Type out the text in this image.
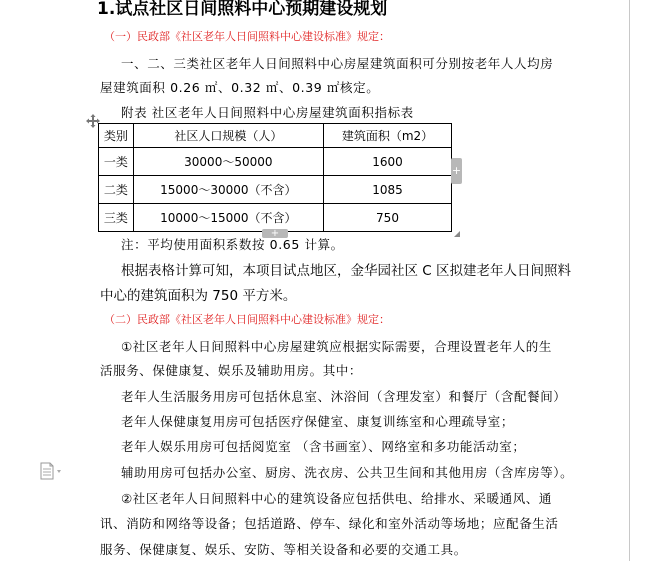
1.试点社区日间照料中心预期建设规划
（一）民政部《社区老年人日间照料中心建设标准》规定：
一、二、三类社区老年人日间照料中心房屋建筑面积可分别按老年人人均房
屋建筑面积 0.26 ㎡、0.32 ㎡、0.39 ㎡核定。
附表 社区老年人日间照料中心房屋建筑面积指标表
类别	社区人口规模（人）	建筑面积（m2）
一类	30000～50000	1600
二类	15000～30000（不含）	1085
三类	10000～15000（不含）	750
+
+
注：平均使用面积系数按 0.65 计算。
根据表格计算可知，本项目试点地区，金华园社区 C 区拟建老年人日间照料
中心的建筑面积为 750 平方米。
（二）民政部《社区老年人日间照料中心建设标准》规定：
①社区老年人日间照料中心房屋建筑应根据实际需要，合理设置老年人的生
活服务、保健康复、娱乐及辅助用房。其中：
老年人生活服务用房可包括休息室、沐浴间（含理发室）和餐厅（含配餐间）
老年人保健康复用房可包括医疗保健室、康复训练室和心理疏导室；
老年人娱乐用房可包括阅览室 （含书画室）、网络室和多功能活动室；
辅助用房可包括办公室、厨房、洗衣房、公共卫生间和其他用房（含库房等）。
②社区老年人日间照料中心的建筑设备应包括供电、给排水、采暖通风、通
讯、消防和网络等设备；包括道路、停车、绿化和室外活动等场地；应配备生活
服务、保健康复、娱乐、安防、等相关设备和必要的交通工具。
